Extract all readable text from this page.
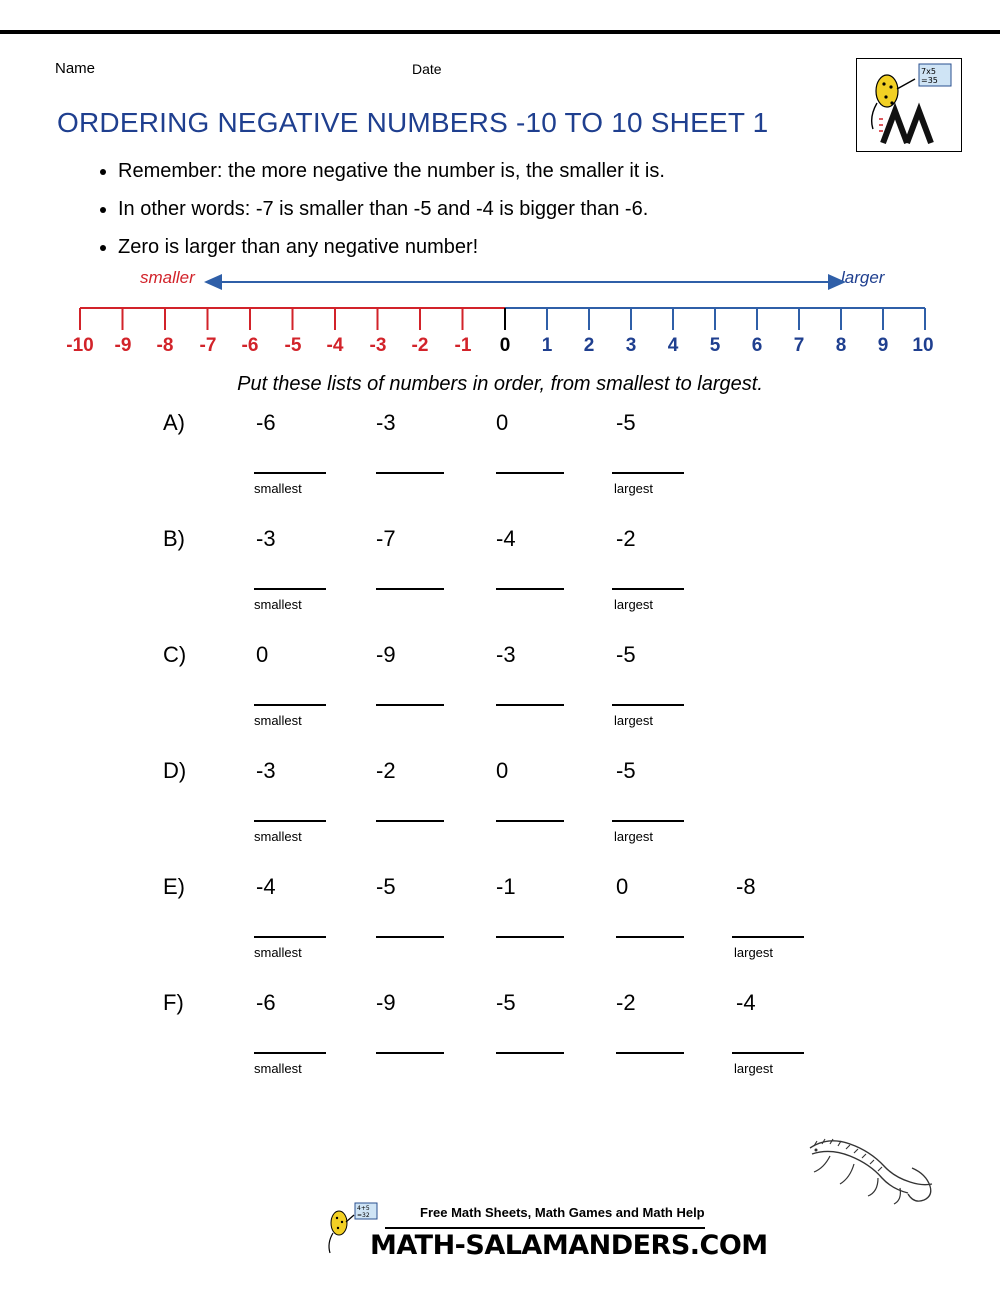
Name	Date	7x5
=35
ORDERING NEGATIVE NUMBERS -10 TO 10 SHEET 1
• Remember: the more negative the number is, the smaller it is.
• In other words: -7 is smaller than -5 and -4 is bigger than -6.
• Zero is larger than any negative number!
smaller	larger
-10 -9 -8 -7 -6 -5 -4 -3 -2 -1 0 1 2 3 4 5 6 7 8 9 10
Put these lists of numbers in order, from smallest to largest.
A)	-6	-3	0	-5
smallest	largest
B)	-3	-7	-4	-2
smallest	largest
C)	0	-9	-3	-5
smallest	largest
D)	-3	-2	0	-5
smallest	largest
E)	-4	-5	-1	0	-8
smallest	largest
F)	-6	-9	-5	-2	-4
smallest	largest
4+5
=32	Free Math Sheets, Math Games and Math Help
MATH-SALAMANDERS.COM
